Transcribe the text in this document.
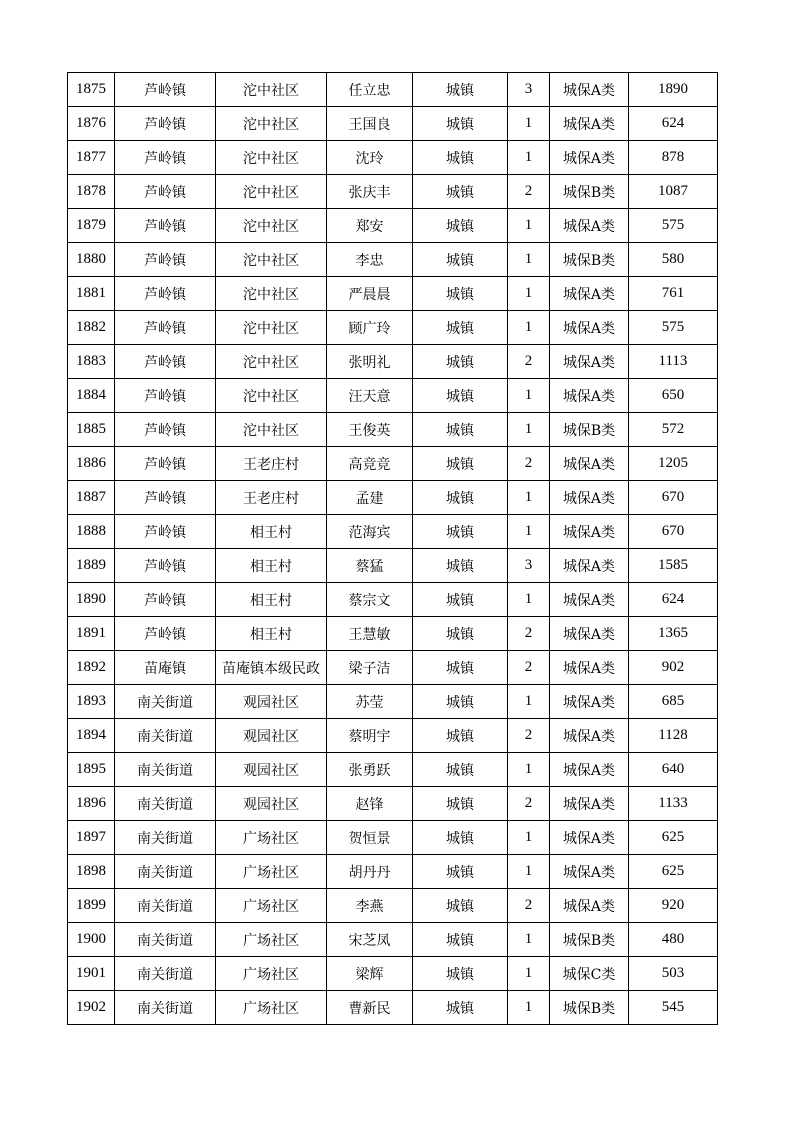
1875	芦岭镇	沱中社区	任立忠	城镇	3	城保A类	1890
1876	芦岭镇	沱中社区	王国良	城镇	1	城保A类	624
1877	芦岭镇	沱中社区	沈玲	城镇	1	城保A类	878
1878	芦岭镇	沱中社区	张庆丰	城镇	2	城保B类	1087
1879	芦岭镇	沱中社区	郑安	城镇	1	城保A类	575
1880	芦岭镇	沱中社区	李忠	城镇	1	城保B类	580
1881	芦岭镇	沱中社区	严晨晨	城镇	1	城保A类	761
1882	芦岭镇	沱中社区	顾广玲	城镇	1	城保A类	575
1883	芦岭镇	沱中社区	张明礼	城镇	2	城保A类	1113
1884	芦岭镇	沱中社区	汪天意	城镇	1	城保A类	650
1885	芦岭镇	沱中社区	王俊英	城镇	1	城保B类	572
1886	芦岭镇	王老庄村	高竞竞	城镇	2	城保A类	1205
1887	芦岭镇	王老庄村	孟建	城镇	1	城保A类	670
1888	芦岭镇	相王村	范海宾	城镇	1	城保A类	670
1889	芦岭镇	相王村	蔡猛	城镇	3	城保A类	1585
1890	芦岭镇	相王村	蔡宗文	城镇	1	城保A类	624
1891	芦岭镇	相王村	王慧敏	城镇	2	城保A类	1365
1892	苗庵镇	苗庵镇本级民政	梁子洁	城镇	2	城保A类	902
1893	南关街道	观园社区	苏莹	城镇	1	城保A类	685
1894	南关街道	观园社区	蔡明宇	城镇	2	城保A类	1128
1895	南关街道	观园社区	张勇跃	城镇	1	城保A类	640
1896	南关街道	观园社区	赵锋	城镇	2	城保A类	1133
1897	南关街道	广场社区	贺恒景	城镇	1	城保A类	625
1898	南关街道	广场社区	胡丹丹	城镇	1	城保A类	625
1899	南关街道	广场社区	李燕	城镇	2	城保A类	920
1900	南关街道	广场社区	宋芝凤	城镇	1	城保B类	480
1901	南关街道	广场社区	梁辉	城镇	1	城保C类	503
1902	南关街道	广场社区	曹新民	城镇	1	城保B类	545
